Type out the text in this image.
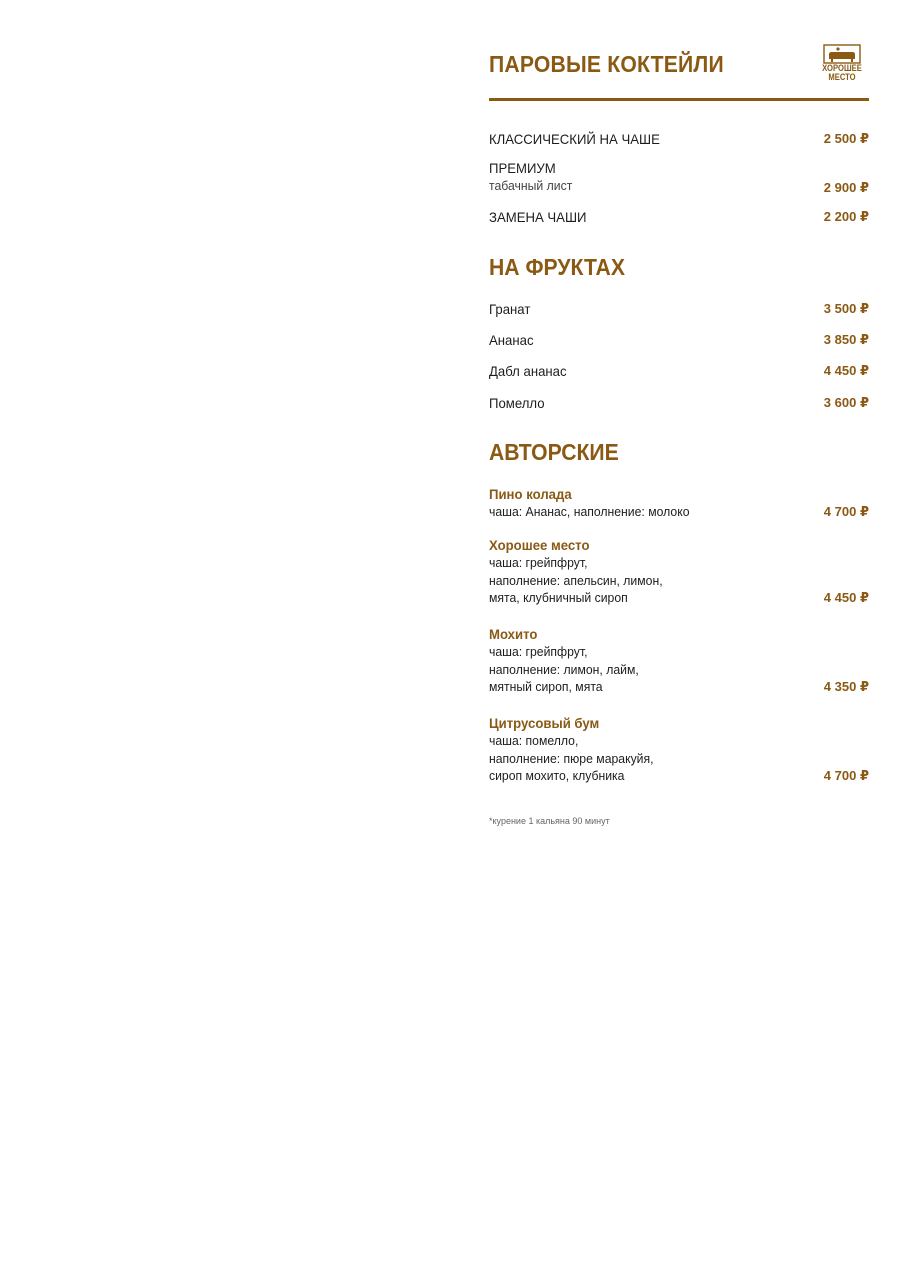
ПАРОВЫЕ КОКТЕЙЛИ	ХОРОШЕЕ
МЕСТО
КЛАССИЧЕСКИЙ НА ЧАШЕ	2 500 ₽
ПРЕМИУМ
табачный лист	2 900 ₽
ЗАМЕНА ЧАШИ	2 200 ₽
НА ФРУКТАХ
Гранат	3 500 ₽
Ананас	3 850 ₽
Дабл ананас	4 450 ₽
Помелло	3 600 ₽
АВТОРСКИЕ
Пино колада
чаша: Ананас, наполнение: молоко	4 700 ₽
Хорошее место
чаша: грейпфрут,
наполнение: апельсин, лимон,
мята, клубничный сироп	4 450 ₽
Мохито
чаша: грейпфрут,
наполнение: лимон, лайм,
мятный сироп, мята	4 350 ₽
Цитрусовый бум
чаша: помелло,
наполнение: пюре маракуйя,
сироп мохито, клубника	4 700 ₽
*курение 1 кальяна 90 минут
